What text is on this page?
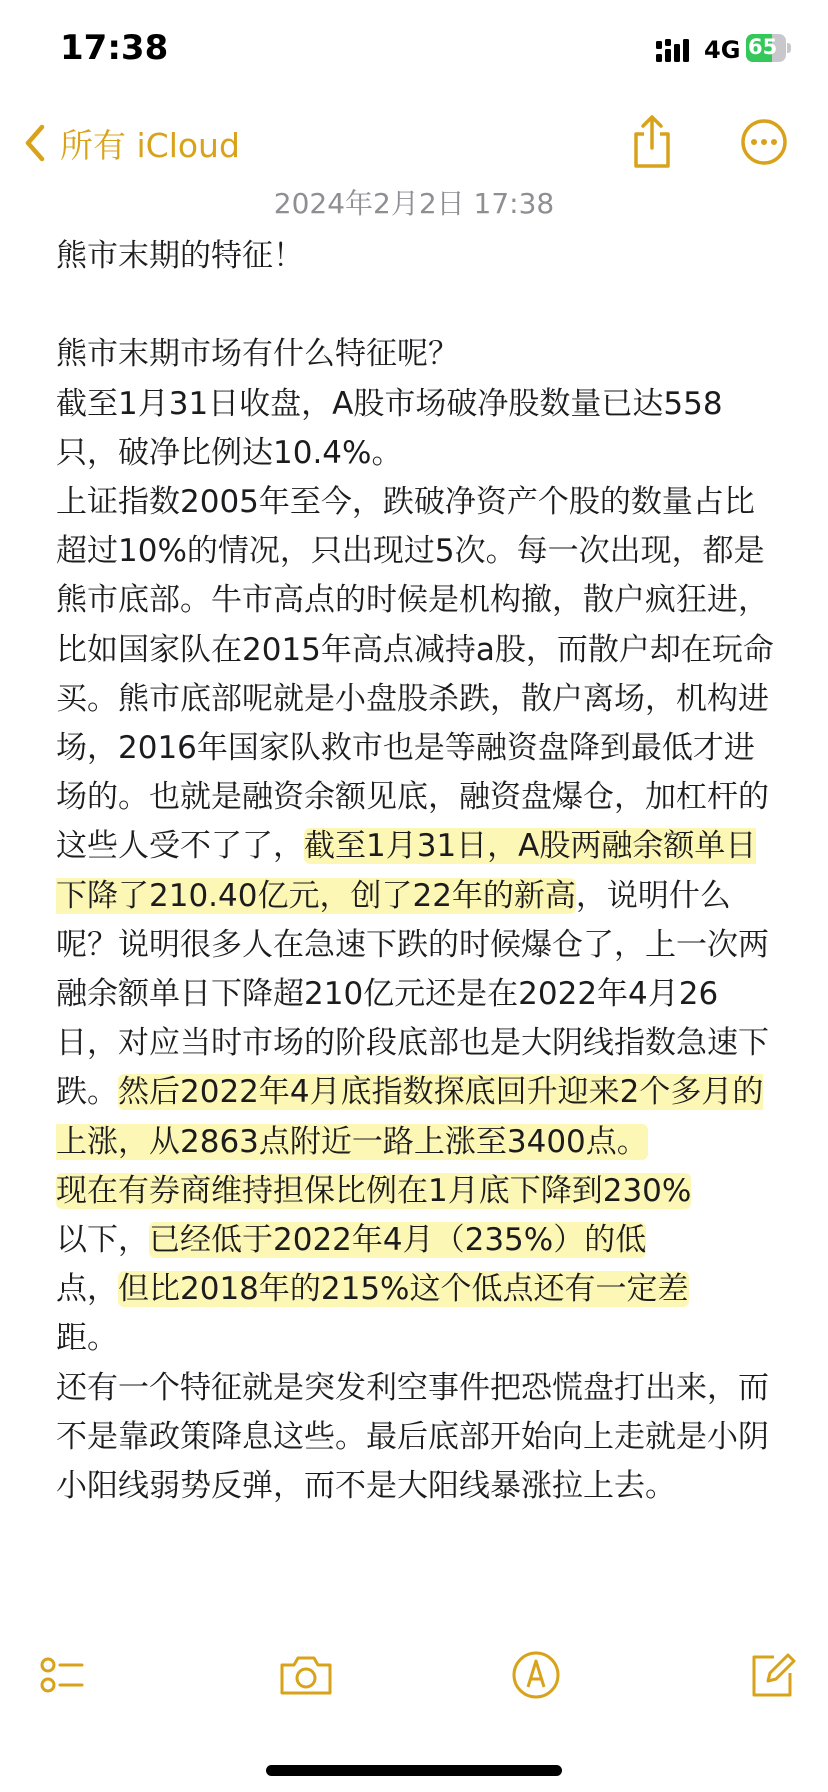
17:38	4G 65
所有 iCloud
2024年2月2日 17:38

熊市末期的特征！

熊市末期市场有什么特征呢？

截至1月31日收盘，A股市场破净股数量已达558只，破净比例达10.4%。

上证指数2005年至今，跌破净资产个股的数量占比超过10%的情况，只出现过5次。每一次出现，都是熊市底部。牛市高点的时候是机构撤，散户疯狂进，比如国家队在2015年高点减持a股，而散户却在玩命买。熊市底部呢就是小盘股杀跌，散户离场，机构进场，2016年国家队救市也是等融资盘降到最低才进场的。也就是融资余额见底，融资盘爆仓，加杠杆的这些人受不了了，截至1月31日，A股两融余额单日下降了210.40亿元，创了22年的新高，说明什么呢？说明很多人在急速下跌的时候爆仓了，上一次两融余额单日下降超210亿元还是在2022年4月26日，对应当时市场的阶段底部也是大阴线指数急速下跌。然后2022年4月底指数探底回升迎来2个多月的上涨，从2863点附近一路上涨至3400点。

现在有券商维持担保比例在1月底下降到230%
以下，已经低于2022年4月（235%）的低
点，但比2018年的215%这个低点还有一定差
距。

还有一个特征就是突发利空事件把恐慌盘打出来，而不是靠政策降息这些。最后底部开始向上走就是小阴小阳线弱势反弹，而不是大阳线暴涨拉上去。
